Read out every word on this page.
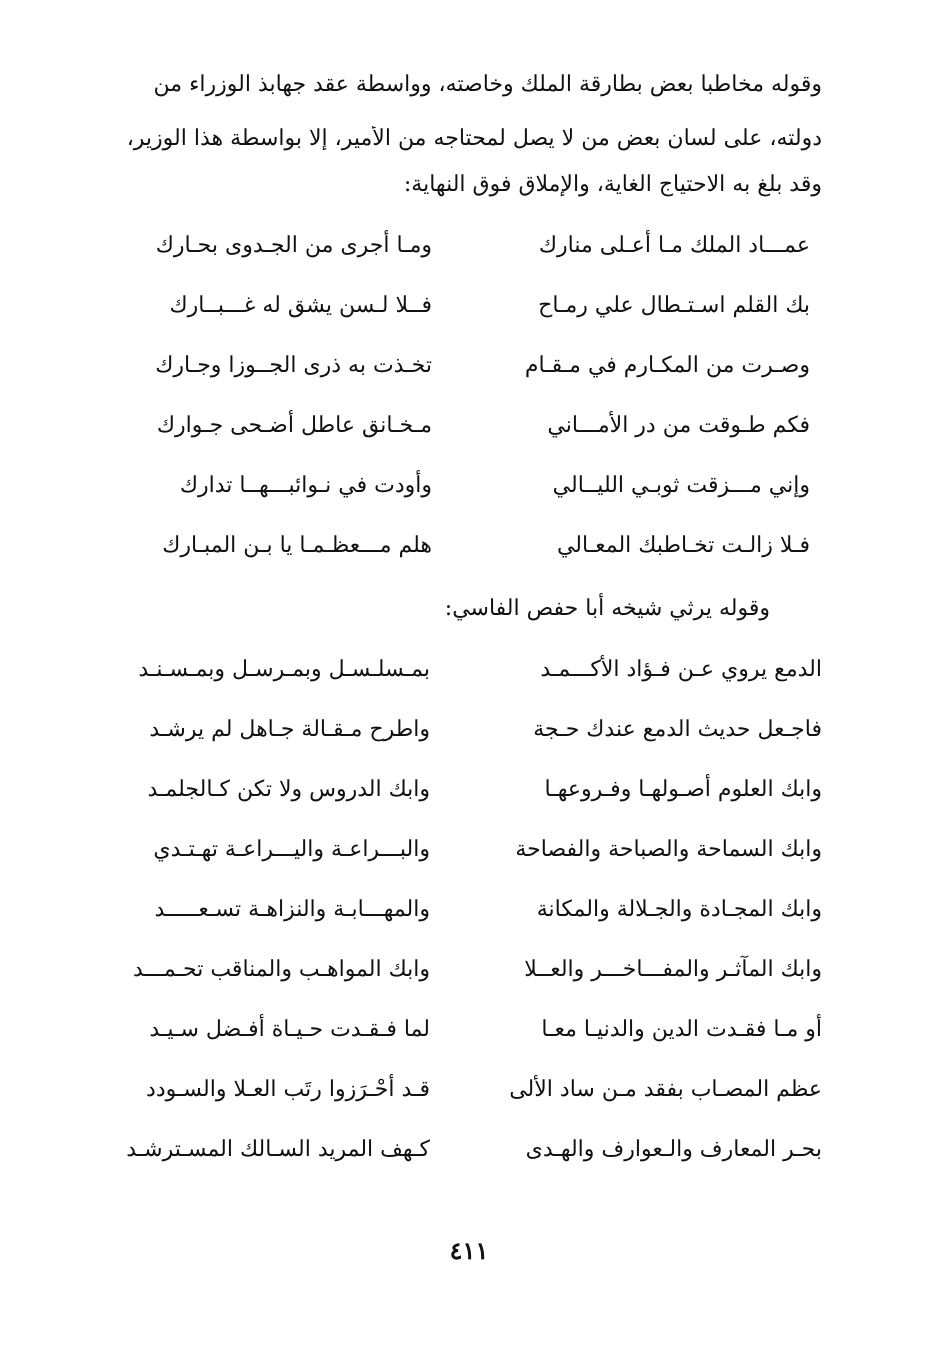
وقوله مخاطبا بعض بطارقة الملك وخاصته، وواسطة عقد جهابذ الوزراء من
دولته، على لسان بعض من لا يصل لمحتاجه من الأمير، إلا بواسطة هذا الوزير،
وقد بلغ به الاحتياج الغاية، والإملاق فوق النهاية:
عمـــاد الملك مـا أعـلى منارك
ومـا أجرى من الجـدوى بحـارك
بك القلم اسـتـطال علي رمـاح
فــلا لـسن يشق له غـــبــارك
وصـرت من المكـارم في مـقـام
تخـذت به ذرى الجــوزا وجـارك
فكم طـوقت من در الأمـــاني
مـخـانق عاطل أضـحى جـوارك
وإني مـــزقت ثوبـي الليــالي
وأودت في نـوائبـــهــا تدارك
فـلا زالـت تخـاطبك المعـالي
هلم مـــعظـمـا يا بـن المبـارك
وقوله يرثي شيخه أبا حفص الفاسي:
الدمع يروي عـن فـؤاد الأكـــمـد
بمـسلـسـل وبمـرسـل وبمـسـنـد
فاجـعل حديث الدمع عندك حـجة
واطرح مـقـالة جـاهل لم يرشـد
وابك العلوم أصـولهـا وفـروعهـا
وابك الدروس ولا تكن كـالجلمـد
وابك السماحة والصباحة والفصاحة
والبـــراعـة واليـــراعـة تهـتـدي
وابك المجـادة والجـلالة والمكانة
والمهـــابـة والنزاهـة تسـعـــــد
وابك المآثـر والمفـــاخـــر والعــلا
وابك المواهـب والمناقب تحـمـــد
أو مـا فقـدت الدين والدنيـا معـا
لما فـقـدت حـيـاة أفـضل سـيـد
عظم المصـاب بفقد مـن ساد الألى
قـد أحْـرَزوا رتَب العـلا والسـودد
بحـر المعارف والـعوارف والهـدى
كـهف المريد السـالك المسـترشـد
٤١١
